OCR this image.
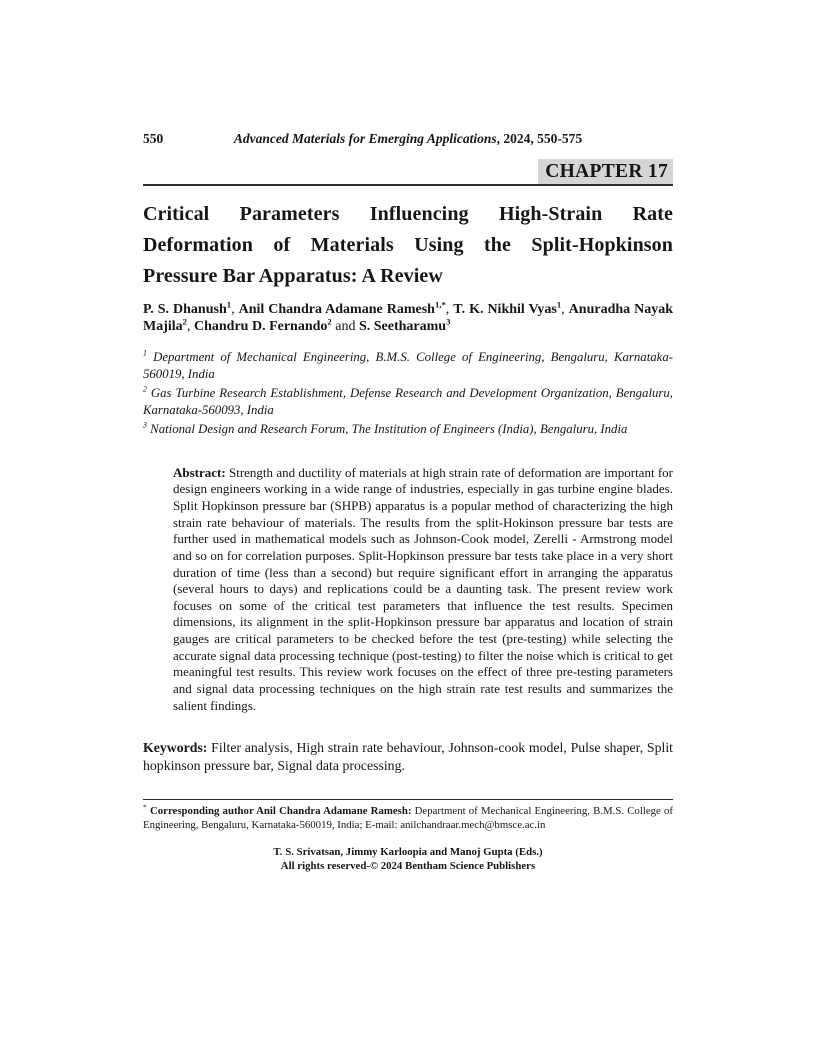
550	Advanced Materials for Emerging Applications, 2024, 550-575
CHAPTER 17
Critical Parameters Influencing High-Strain Rate Deformation of Materials Using the Split-Hopkinson Pressure Bar Apparatus: A Review

P. S. Dhanush$^1$, Anil Chandra Adamane Ramesh$^{1,*}$, T. K. Nikhil Vyas$^1$, Anuradha Nayak Majila$^2$, Chandru D. Fernando$^2$ and S. Seetharamu$^3$

$^1$ Department of Mechanical Engineering, B.M.S. College of Engineering, Bengaluru, Karnataka-560019, India

$^2$ Gas Turbine Research Establishment, Defense Research and Development Organization, Bengaluru, Karnataka-560093, India

$^3$ National Design and Research Forum, The Institution of Engineers (India), Bengaluru, India

Abstract: Strength and ductility of materials at high strain rate of deformation are important for design engineers working in a wide range of industries, especially in gas turbine engine blades. Split Hopkinson pressure bar (SHPB) apparatus is a popular method of characterizing the high strain rate behaviour of materials. The results from the split-Hokinson pressure bar tests are further used in mathematical models such as Johnson-Cook model, Zerelli - Armstrong model and so on for correlation purposes. Split-Hopkinson pressure bar tests take place in a very short duration of time (less than a second) but require significant effort in arranging the apparatus (several hours to days) and replications could be a daunting task. The present review work focuses on some of the critical test parameters that influence the test results. Specimen dimensions, its alignment in the split-Hopkinson pressure bar apparatus and location of strain gauges are critical parameters to be checked before the test (pre-testing) while selecting the accurate signal data processing technique (post-testing) to filter the noise which is critical to get meaningful test results. This review work focuses on the effect of three pre-testing parameters and signal data processing techniques on the high strain rate test results and summarizes the salient findings.

Keywords: Filter analysis, High strain rate behaviour, Johnson-cook model, Pulse shaper, Split hopkinson pressure bar, Signal data processing.

* Corresponding author Anil Chandra Adamane Ramesh: Department of Mechanical Engineering, B.M.S. College of Engineering, Bengaluru, Karnataka-560019, India; E-mail: anilchandraar.mech@bmsce.ac.in

T. S. Srivatsan, Jimmy Karloopia and Manoj Gupta (Eds.)
All rights reserved-© 2024 Bentham Science Publishers
